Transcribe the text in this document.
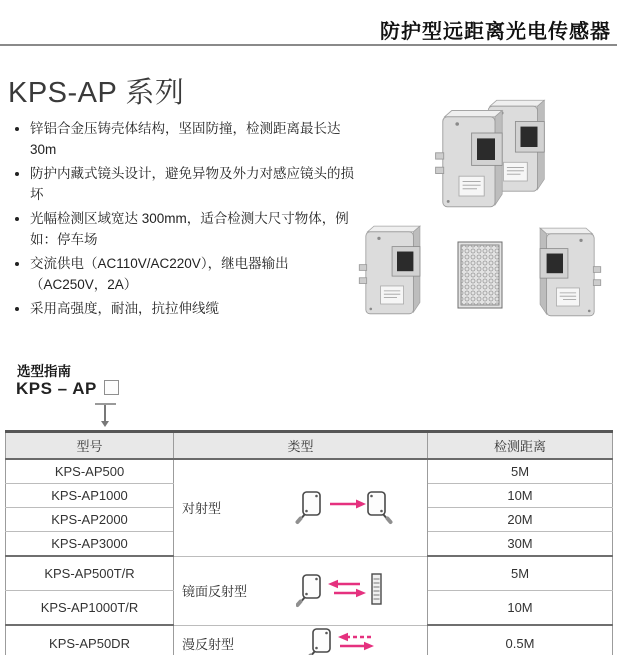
防护型远距离光电传感器
KPS-AP 系列
• 锌铝合金压铸壳体结构，坚固防撞，检测距离最长达 30m
• 防护内藏式镜头设计，避免异物及外力对感应镜头的损坏
• 光幅检测区域宽达 300mm，适合检测大尺寸物体，例如：停车场
• 交流供电（AC110V/AC220V），继电器输出（AC250V，2A）
• 采用高强度，耐油，抗拉伸线缆
选型指南
KPS – AP
型号	类型	检测距离
KPS-AP500	对射型	5M
KPS-AP1000		10M
KPS-AP2000		20M
KPS-AP3000		30M
KPS-AP500T/R	镜面反射型	5M
KPS-AP1000T/R		10M
KPS-AP50DR	漫反射型	0.5M
